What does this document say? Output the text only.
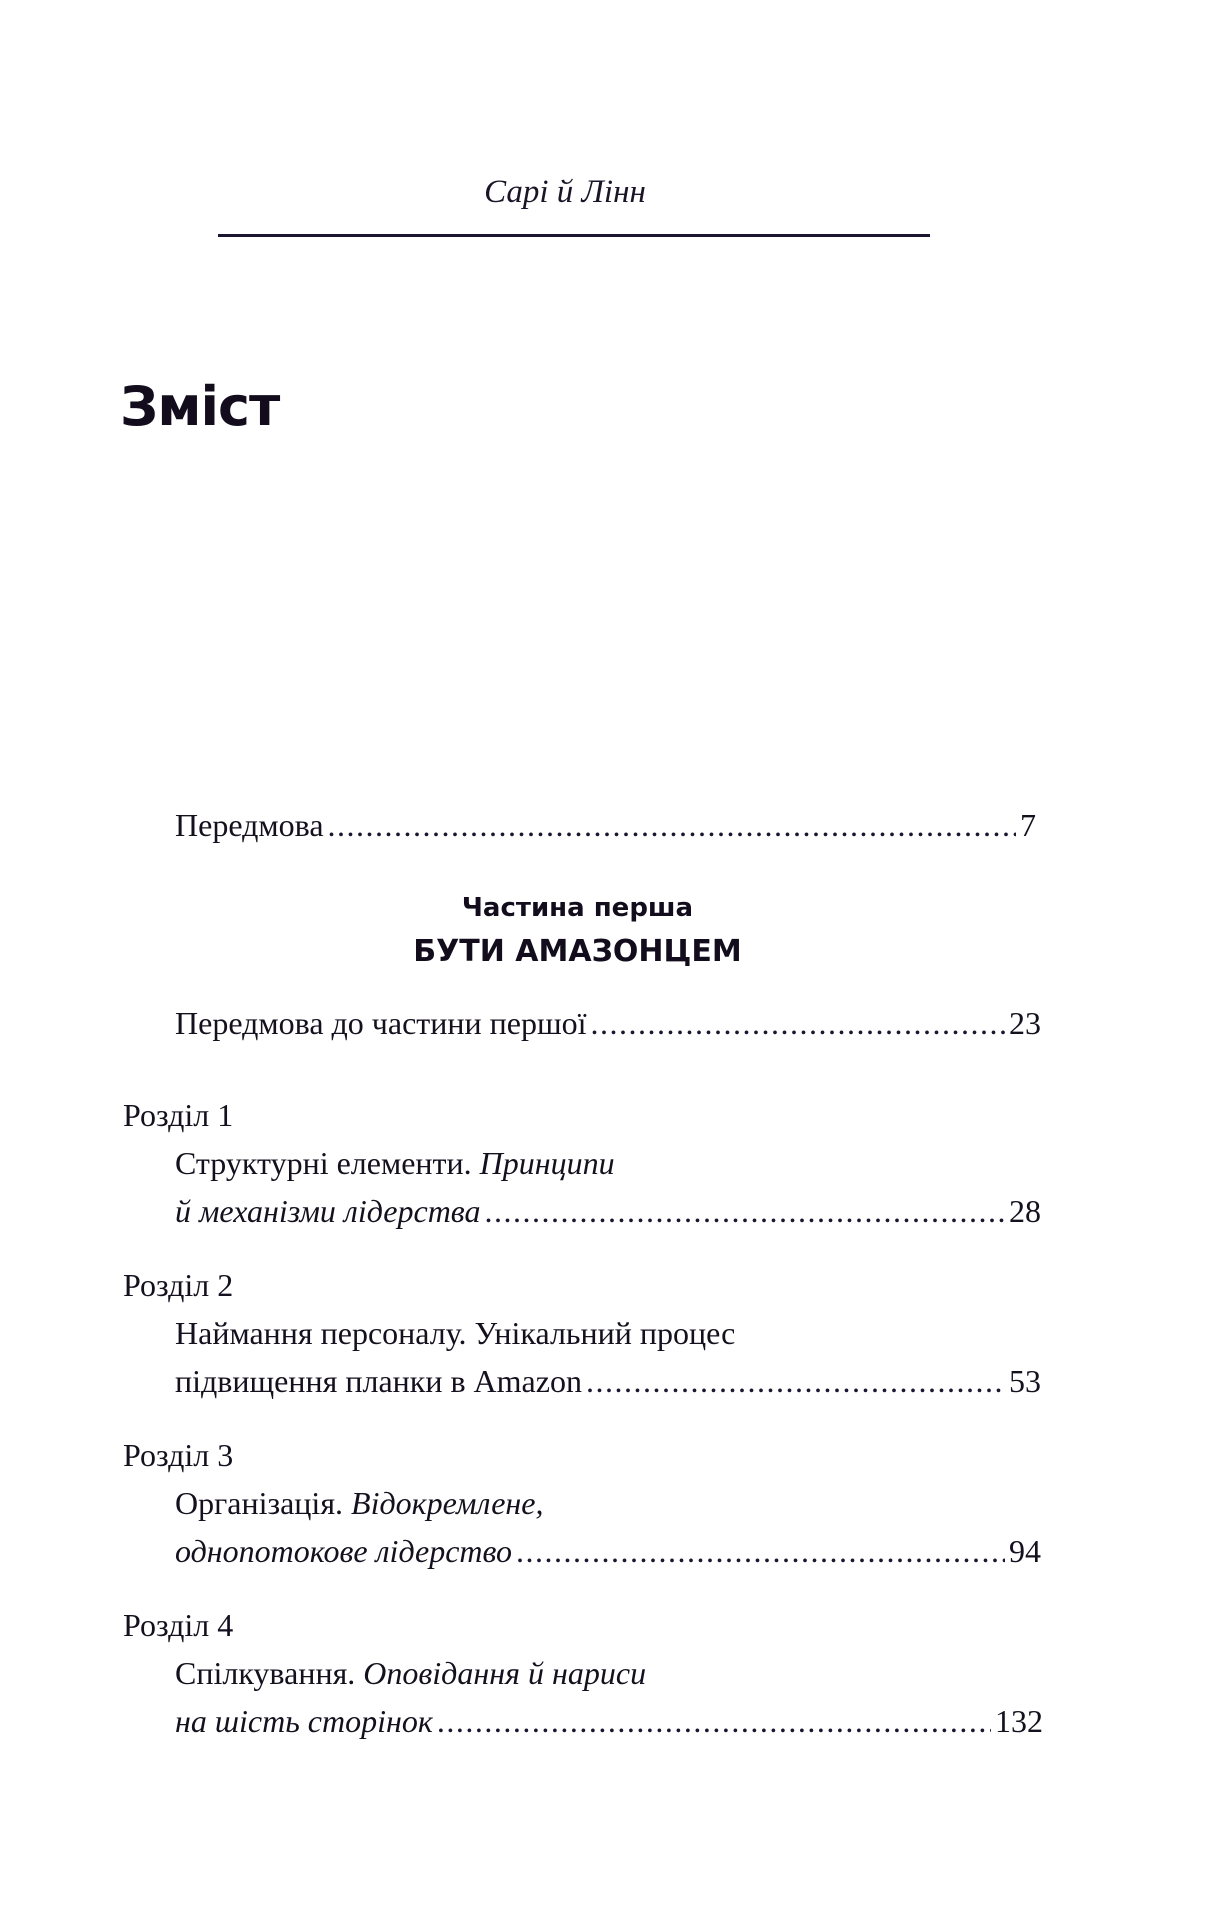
Сарі й Лінн
Зміст
Передмова .....	7
Частина перша
БУТИ АМАЗОНЦЕМ
Передмова до частини першої .....	23
Розділ 1
Структурні елементи. Принципи
й механізми лідерства .....	28
Розділ 2
Наймання персоналу. Унікальний процес
підвищення планки в Amazon .....	53
Розділ 3
Організація. Відокремлене,
однопотокове лідерство .....	94
Розділ 4
Спілкування. Оповідання й нариси
на шість сторінок .....	132
